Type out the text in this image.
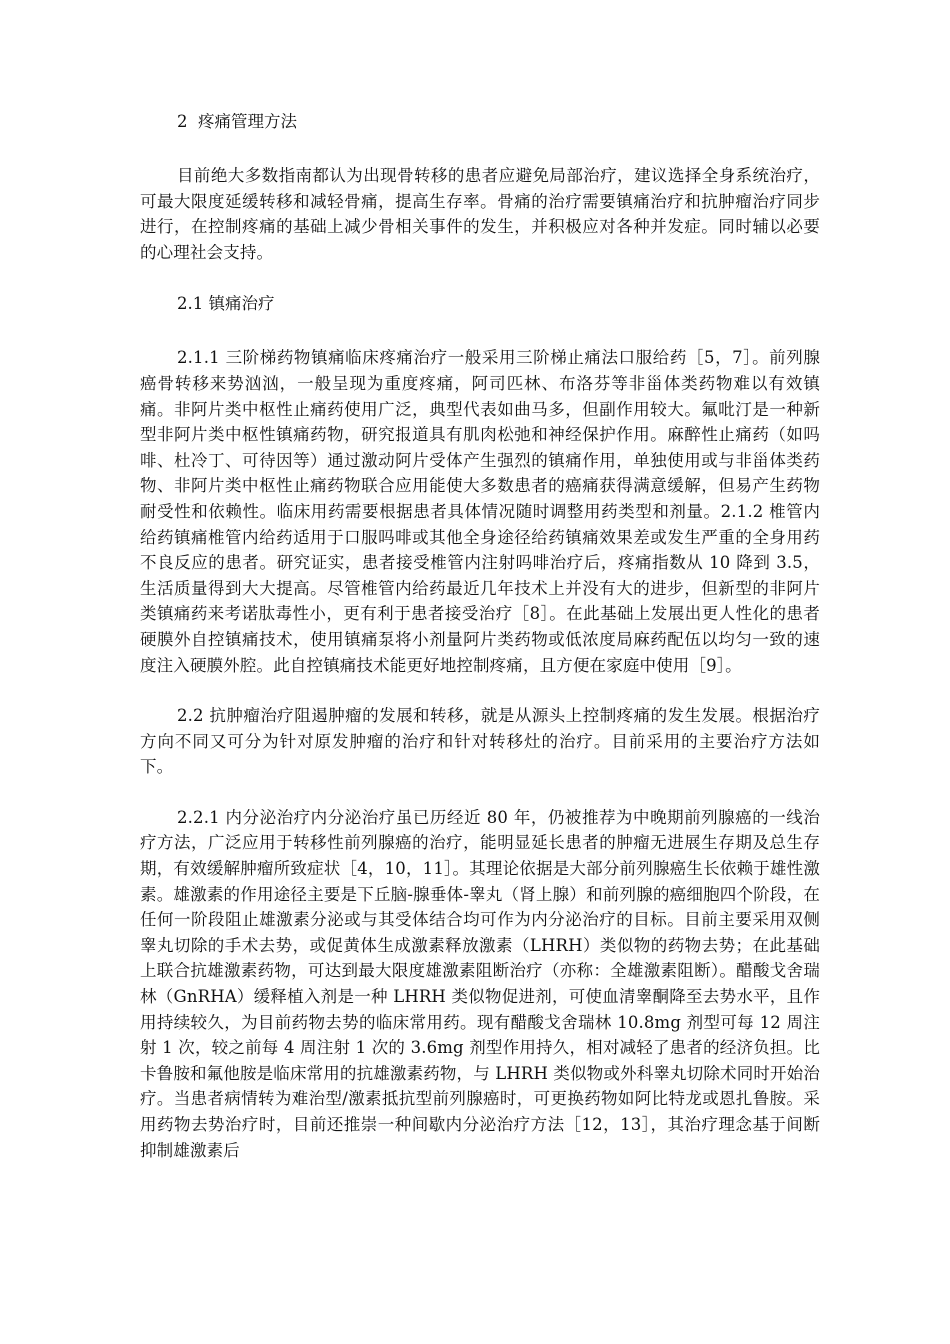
2  疼痛管理方法

目前绝大多数指南都认为出现骨转移的患者应避免局部治疗，建议选择全身系统治疗，可最大限度延缓转移和减轻骨痛，提高生存率。骨痛的治疗需要镇痛治疗和抗肿瘤治疗同步进行，在控制疼痛的基础上减少骨相关事件的发生，并积极应对各种并发症。同时辅以必要的心理社会支持。

2.1 镇痛治疗

2.1.1 三阶梯药物镇痛临床疼痛治疗一般采用三阶梯止痛法口服给药［5，7］。前列腺癌骨转移来势汹汹，一般呈现为重度疼痛，阿司匹林、布洛芬等非甾体类药物难以有效镇痛。非阿片类中枢性止痛药使用广泛，典型代表如曲马多，但副作用较大。氟吡汀是一种新型非阿片类中枢性镇痛药物，研究报道具有肌肉松弛和神经保护作用。麻醉性止痛药（如吗啡、杜冷丁、可待因等）通过激动阿片受体产生强烈的镇痛作用，单独使用或与非甾体类药物、非阿片类中枢性止痛药物联合应用能使大多数患者的癌痛获得满意缓解，但易产生药物耐受性和依赖性。临床用药需要根据患者具体情况随时调整用药类型和剂量。2.1.2 椎管内给药镇痛椎管内给药适用于口服吗啡或其他全身途径给药镇痛效果差或发生严重的全身用药不良反应的患者。研究证实，患者接受椎管内注射吗啡治疗后，疼痛指数从 10 降到 3.5，生活质量得到大大提高。尽管椎管内给药最近几年技术上并没有大的进步，但新型的非阿片类镇痛药来考诺肽毒性小，更有利于患者接受治疗［8］。在此基础上发展出更人性化的患者硬膜外自控镇痛技术，使用镇痛泵将小剂量阿片类药物或低浓度局麻药配伍以均匀一致的速度注入硬膜外腔。此自控镇痛技术能更好地控制疼痛，且方便在家庭中使用［9］。

2.2 抗肿瘤治疗阻遏肿瘤的发展和转移，就是从源头上控制疼痛的发生发展。根据治疗方向不同又可分为针对原发肿瘤的治疗和针对转移灶的治疗。目前采用的主要治疗方法如下。

2.2.1 内分泌治疗内分泌治疗虽已历经近 80 年，仍被推荐为中晚期前列腺癌的一线治疗方法，广泛应用于转移性前列腺癌的治疗，能明显延长患者的肿瘤无进展生存期及总生存期，有效缓解肿瘤所致症状［4，10，11］。其理论依据是大部分前列腺癌生长依赖于雄性激素。雄激素的作用途径主要是下丘脑-腺垂体-睾丸（肾上腺）和前列腺的癌细胞四个阶段，在任何一阶段阻止雄激素分泌或与其受体结合均可作为内分泌治疗的目标。目前主要采用双侧睾丸切除的手术去势，或促黄体生成激素释放激素（LHRH）类似物的药物去势；在此基础上联合抗雄激素药物，可达到最大限度雄激素阻断治疗（亦称：全雄激素阻断）。醋酸戈舍瑞林（GnRHA）缓释植入剂是一种 LHRH 类似物促进剂，可使血清睾酮降至去势水平，且作用持续较久，为目前药物去势的临床常用药。现有醋酸戈舍瑞林 10.8mg 剂型可每 12 周注射 1 次，较之前每 4 周注射 1 次的 3.6mg 剂型作用持久，相对减轻了患者的经济负担。比卡鲁胺和氟他胺是临床常用的抗雄激素药物，与 LHRH 类似物或外科睾丸切除术同时开始治疗。当患者病情转为难治型/激素抵抗型前列腺癌时，可更换药物如阿比特龙或恩扎鲁胺。采用药物去势治疗时，目前还推崇一种间歇内分泌治疗方法［12，13］，其治疗理念基于间断抑制雄激素后
